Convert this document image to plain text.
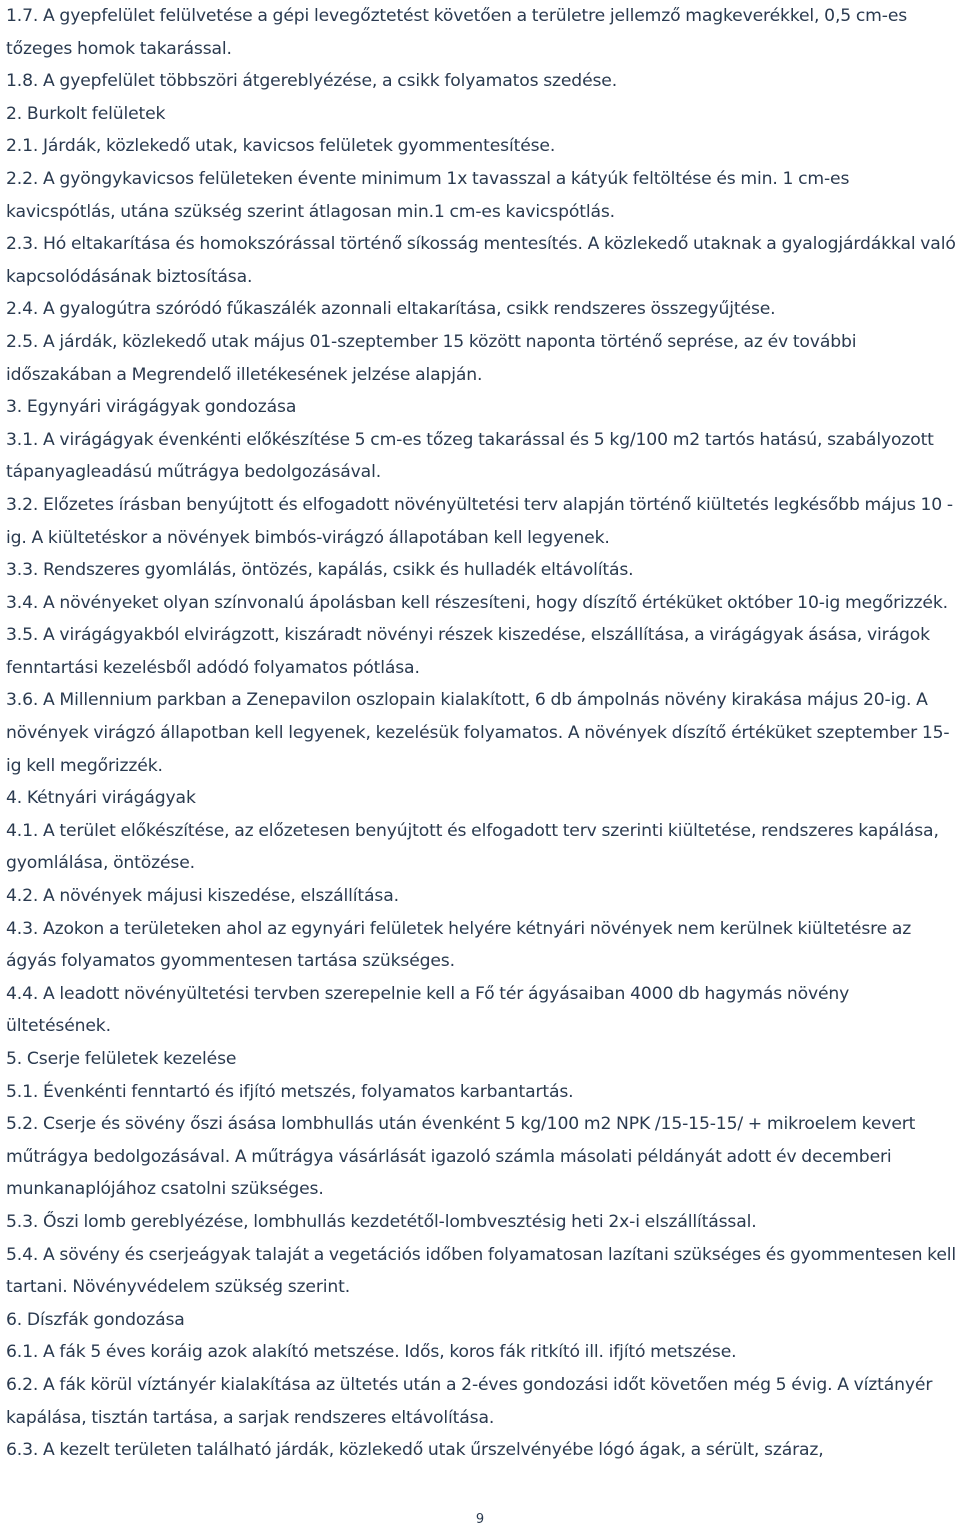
1.7. A gyepfelület felülvetése a gépi levegőztetést követően a területre jellemző magkeverékkel, 0,5 cm-es tőzeges homok takarással.

1.8. A gyepfelület többszöri átgereblyézése, a csikk folyamatos szedése.

2. Burkolt felületek

2.1. Járdák, közlekedő utak, kavicsos felületek gyommentesítése.

2.2. A gyöngykavicsos felületeken évente minimum 1x tavasszal a kátyúk feltöltése és min. 1 cm-es kavicspótlás, utána szükség szerint átlagosan min.1 cm-es kavicspótlás.

2.3. Hó eltakarítása és homokszórással történő síkosság mentesítés. A közlekedő utaknak a gyalogjárdákkal való kapcsolódásának biztosítása.

2.4. A gyalogútra szóródó fűkaszálék azonnali eltakarítása, csikk rendszeres összegyűjtése.

2.5. A járdák, közlekedő utak május 01-szeptember 15 között naponta történő seprése, az év további időszakában a Megrendelő illetékesének jelzése alapján.

3. Egynyári virágágyak gondozása

3.1. A virágágyak évenkénti előkészítése 5 cm-es tőzeg takarással és 5 kg/100 m2 tartós hatású, szabályozott tápanyagleadású műtrágya bedolgozásával.

3.2. Előzetes írásban benyújtott és elfogadott növényültetési terv alapján történő kiültetés legkésőbb május 10 -ig. A kiültetéskor a növények bimbós-virágzó állapotában kell legyenek.

3.3. Rendszeres gyomlálás, öntözés, kapálás, csikk és hulladék eltávolítás.

3.4. A növényeket olyan színvonalú ápolásban kell részesíteni, hogy díszítő értéküket október 10-ig megőrizzék.

3.5. A virágágyakból elvirágzott, kiszáradt növényi részek kiszedése, elszállítása, a virágágyak ásása, virágok fenntartási kezelésből adódó folyamatos pótlása.

3.6. A Millennium parkban a Zenepavilon oszlopain kialakított, 6 db ámpolnás növény kirakása május 20-ig. A növények virágzó állapotban kell legyenek, kezelésük folyamatos. A növények díszítő értéküket szeptember 15-ig kell megőrizzék.

4. Kétnyári virágágyak

4.1. A terület előkészítése, az előzetesen benyújtott és elfogadott terv szerinti kiültetése, rendszeres kapálása, gyomlálása, öntözése.

4.2. A növények májusi kiszedése, elszállítása.

4.3. Azokon a területeken ahol az egynyári felületek helyére kétnyári növények nem kerülnek kiültetésre az ágyás folyamatos gyommentesen tartása szükséges.

4.4. A leadott növényültetési tervben szerepelnie kell a Fő tér ágyásaiban 4000 db hagymás növény ültetésének.

5. Cserje felületek kezelése

5.1. Évenkénti fenntartó és ifjító metszés, folyamatos karbantartás.

5.2. Cserje és sövény őszi ásása lombhullás után évenként 5 kg/100 m2 NPK /15-15-15/ + mikroelem kevert műtrágya bedolgozásával. A műtrágya vásárlását igazoló számla másolati példányát adott év decemberi munkanaplójához csatolni szükséges.

5.3. Őszi lomb gereblyézése, lombhullás kezdetétől-lombvesztésig heti 2x-i elszállítással.

5.4. A sövény és cserjeágyak talaját a vegetációs időben folyamatosan lazítani szükséges és gyommentesen kell tartani. Növényvédelem szükség szerint.

6. Díszfák gondozása

6.1. A fák 5 éves koráig azok alakító metszése. Idős, koros fák ritkító ill. ifjító metszése.

6.2. A fák körül víztányér kialakítása az ültetés után a 2-éves gondozási időt követően még 5 évig. A víztányér kapálása, tisztán tartása, a sarjak rendszeres eltávolítása.

6.3. A kezelt területen található járdák, közlekedő utak űrszelvényébe lógó ágak, a sérült, száraz,

9
